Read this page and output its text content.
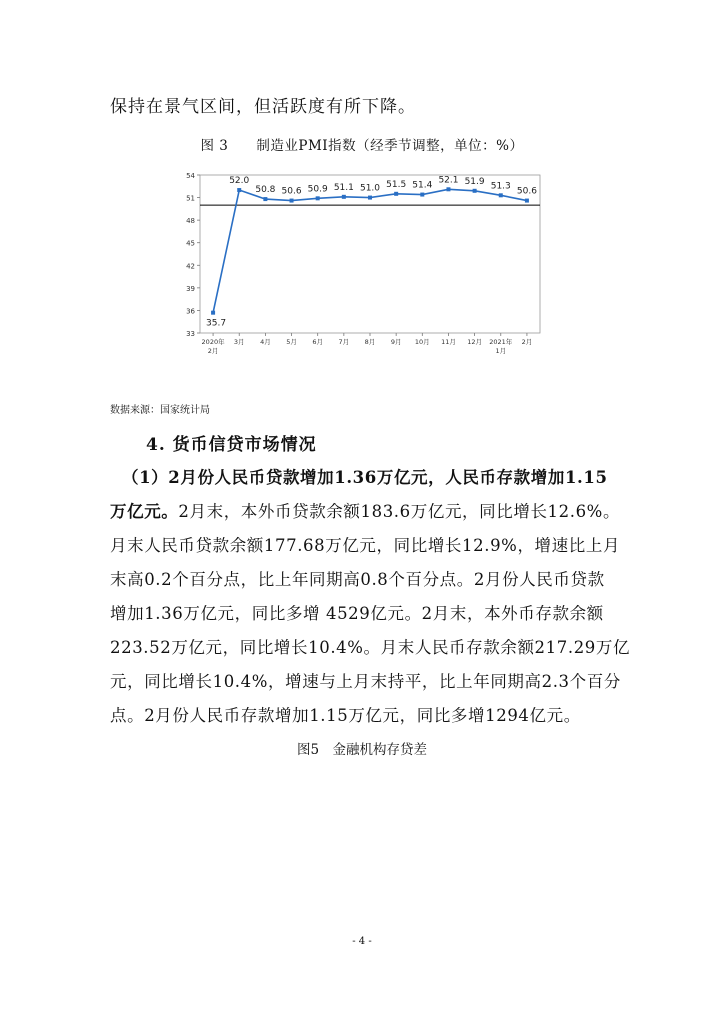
保持在景气区间，但活跃度有所下降。
图 3　　制造业PMI指数（经季节调整，单位：%）
33
36
39
42
45
48
51
54
2020年
2月
3月 4月 5月 6月 7月 8月 9月 10月 11月 12月 2021年
1月
2月
35.7
52.0
50.8 50.6 50.9 51.1 51.0 51.5 51.4
52.1 51.9 51.3
50.6
数据来源：国家统计局
4. 货币信贷市场情况
（1）2月份人民币贷款增加1.36万亿元，人民币存款增加1.15
万亿元。2月末，本外币贷款余额183.6万亿元，同比增长12.6%。
月末人民币贷款余额177.68万亿元，同比增长12.9%，增速比上月
末高0.2个百分点，比上年同期高0.8个百分点。2月份人民币贷款
增加1.36万亿元，同比多增 4529亿元。2月末，本外币存款余额
223.52万亿元，同比增长10.4%。月末人民币存款余额217.29万亿
元，同比增长10.4%，增速与上月末持平，比上年同期高2.3个百分
点。2月份人民币存款增加1.15万亿元，同比多增1294亿元。
图5　金融机构存贷差
- 4 -
